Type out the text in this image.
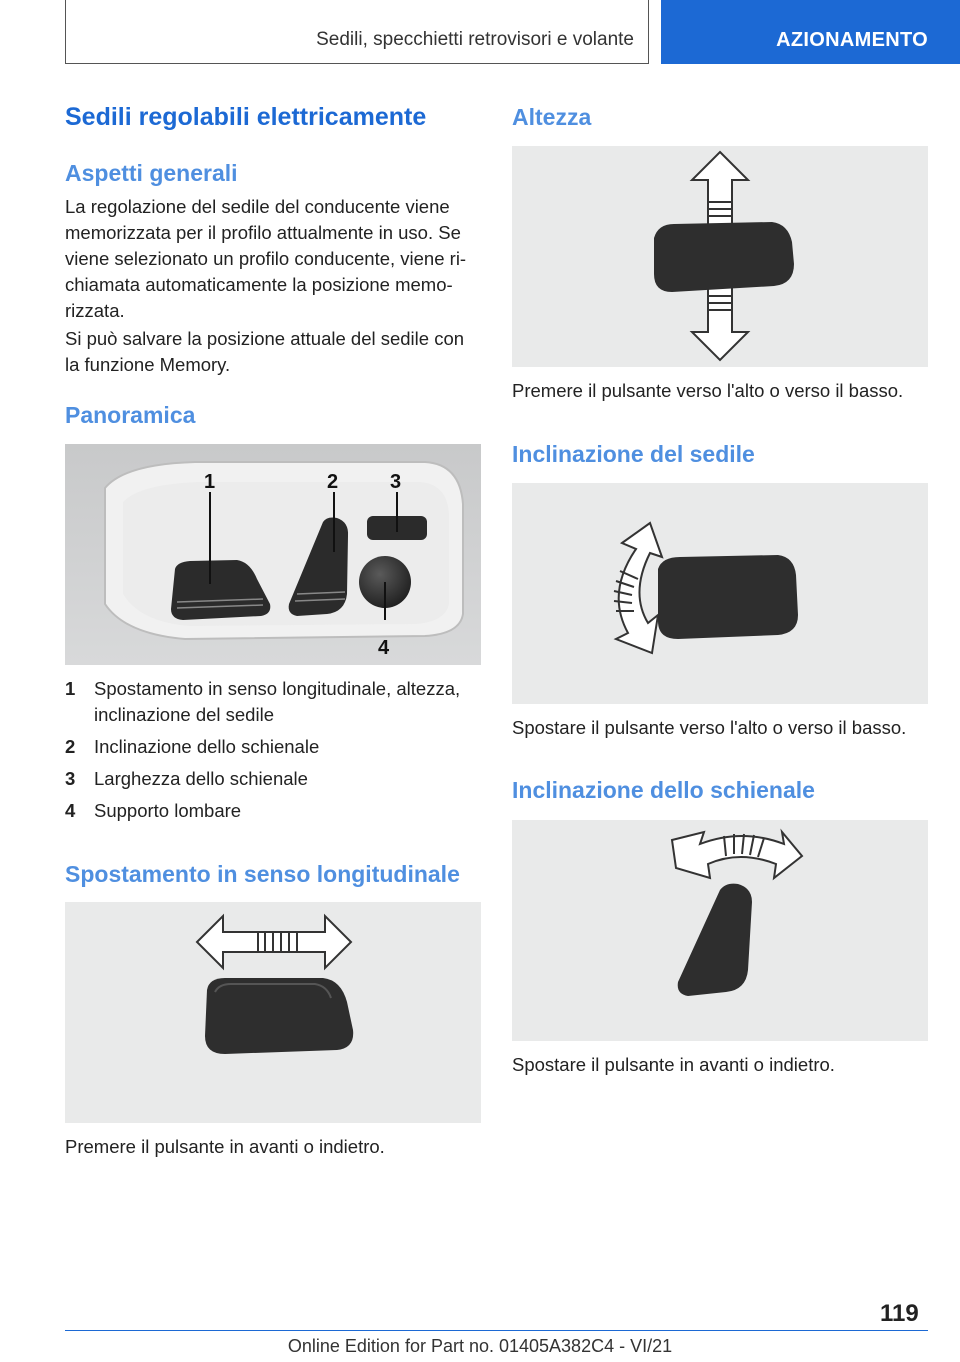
Sedili, specchietti retrovisori e volante	AZIONAMENTO
Sedili regolabili elettricamente
Aspetti generali

La regolazione del sedile del conducente viene memorizzata per il profilo attualmente in uso. Se viene selezionato un profilo conducente, viene ri-chiamata automaticamente la posizione memo-rizzata.

Si può salvare la posizione attuale del sedile con la funzione Memory.

Panoramica
1	2	3
4
1 Spostamento in senso longitudinale, altezza, inclinazione del sedile
2 Inclinazione dello schienale
3 Larghezza dello schienale
4 Supporto lombare
Spostamento in senso longitudinale

Premere il pulsante in avanti o indietro.

Altezza

Premere il pulsante verso l'alto o verso il basso.

Inclinazione del sedile

Spostare il pulsante verso l'alto o verso il basso.

Inclinazione dello schienale

Spostare il pulsante in avanti o indietro.

119
Online Edition for Part no. 01405A382C4 - VI/21
